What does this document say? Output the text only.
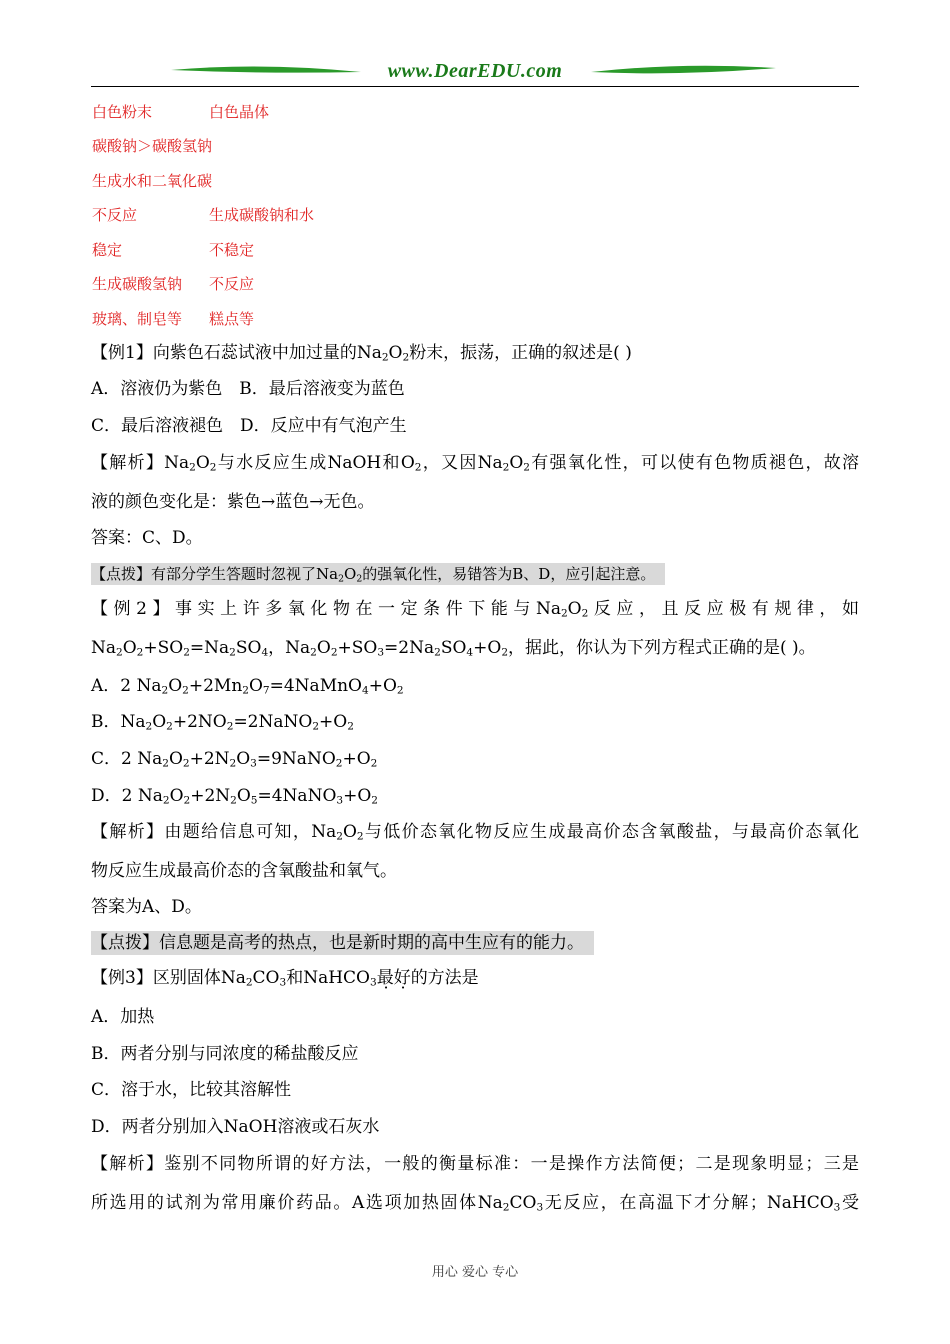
www.DearEDU.com
白色粉末	白色晶体
碳酸钠＞碳酸氢钠
生成水和二氧化碳
不反应	生成碳酸钠和水
稳定	不稳定
生成碳酸氢钠 不反应
玻璃、制皂等 糕点等
【例1】向紫色石蕊试液中加过量的$Na_2O_2$粉末，振荡，正确的叙述是( )
A．溶液仍为紫色　B．最后溶液变为蓝色
C．最后溶液褪色　D．反应中有气泡产生
【解析】$Na_2O_2$与水反应生成NaOH和$O_2$，又因$Na_2O_2$有强氧化性，可以使有色物质褪色，故溶
液的颜色变化是：紫色→蓝色→无色。
答案：C、D。
【点拨】有部分学生答题时忽视了$Na_2O_2$的强氧化性，易错答为B、D，应引起注意。
【例2】事实上许多氧化物在一定条件下能与$Na_2O_2$反应，且反应极有规律，如
$Na_2O_2+SO_2=Na_2SO_4$，$Na_2O_2+SO_3=2Na_2SO_4+O_2$，据此，你认为下列方程式正确的是( )。
A．2 $Na_2O_2+2Mn_2O_7=4NaMnO_4+O_2$
B．$Na_2O_2+2NO_2=2NaNO_2+O_2$
C．2 $Na_2O_2+2N_2O_3=9NaNO_2+O_2$
D．2 $Na_2O_2+2N_2O_5=4NaNO_3+O_2$
【解析】由题给信息可知，$Na_2O_2$与低价态氧化物反应生成最高价态含氧酸盐，与最高价态氧化
物反应生成最高价态的含氧酸盐和氧气。
答案为A、D。
【点拨】信息题是高考的热点，也是新时期的高中生应有的能力。
【例3】区别固体$Na_2CO_3$和NaHCO$_3$最好的方法是
A．加热
B．两者分别与同浓度的稀盐酸反应
C．溶于水，比较其溶解性
D．两者分别加入NaOH溶液或石灰水
【解析】鉴别不同物所谓的好方法，一般的衡量标准：一是操作方法简便；二是现象明显；三是
所选用的试剂为常用廉价药品。A选项加热固体$Na_2CO_3$无反应，在高温下才分解；NaHCO$_3$受
用心 爱心 专心
